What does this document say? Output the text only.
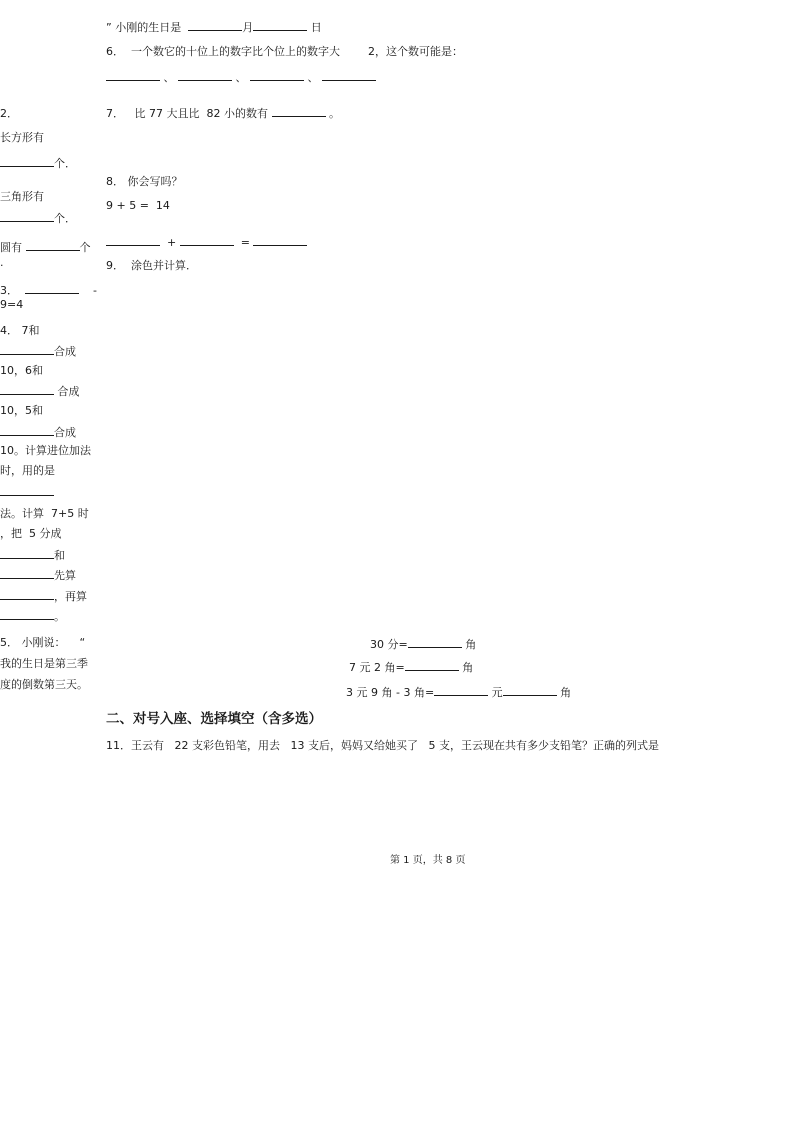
” 小刚的生日是	月	日
6． 一个数它的十位上的数字比个位上的数字大	2，这个数可能是：
、	、	、
7． 比 77 大且比 82 小的数有	。
8． 你会写吗？
9 + 5 =  14
+	=
9． 涂色并计算．
2．
长方形有
个．
三角形有
个．
圆有	个
.
3．	-
9=4
4． 7和
合成
10，6和
合成
10，5和
合成
10。计算进位加法
时，用的是
法。计算  7+5 时
，把  5 分成
和
先算
，再算
。
5． 小刚说： “
我的生日是第三季
度的倒数第三天。
30 分=	角
7 元 2 角=	角
3 元 9 角 - 3 角=	元	角
二、对号入座、选择填空（含多选）
11．王云有 22 支彩色铅笔，用去 13 支后，妈妈又给她买了 5 支，王云现在共有多少支铅笔？正确的列式是
第 1 页，共 8 页
